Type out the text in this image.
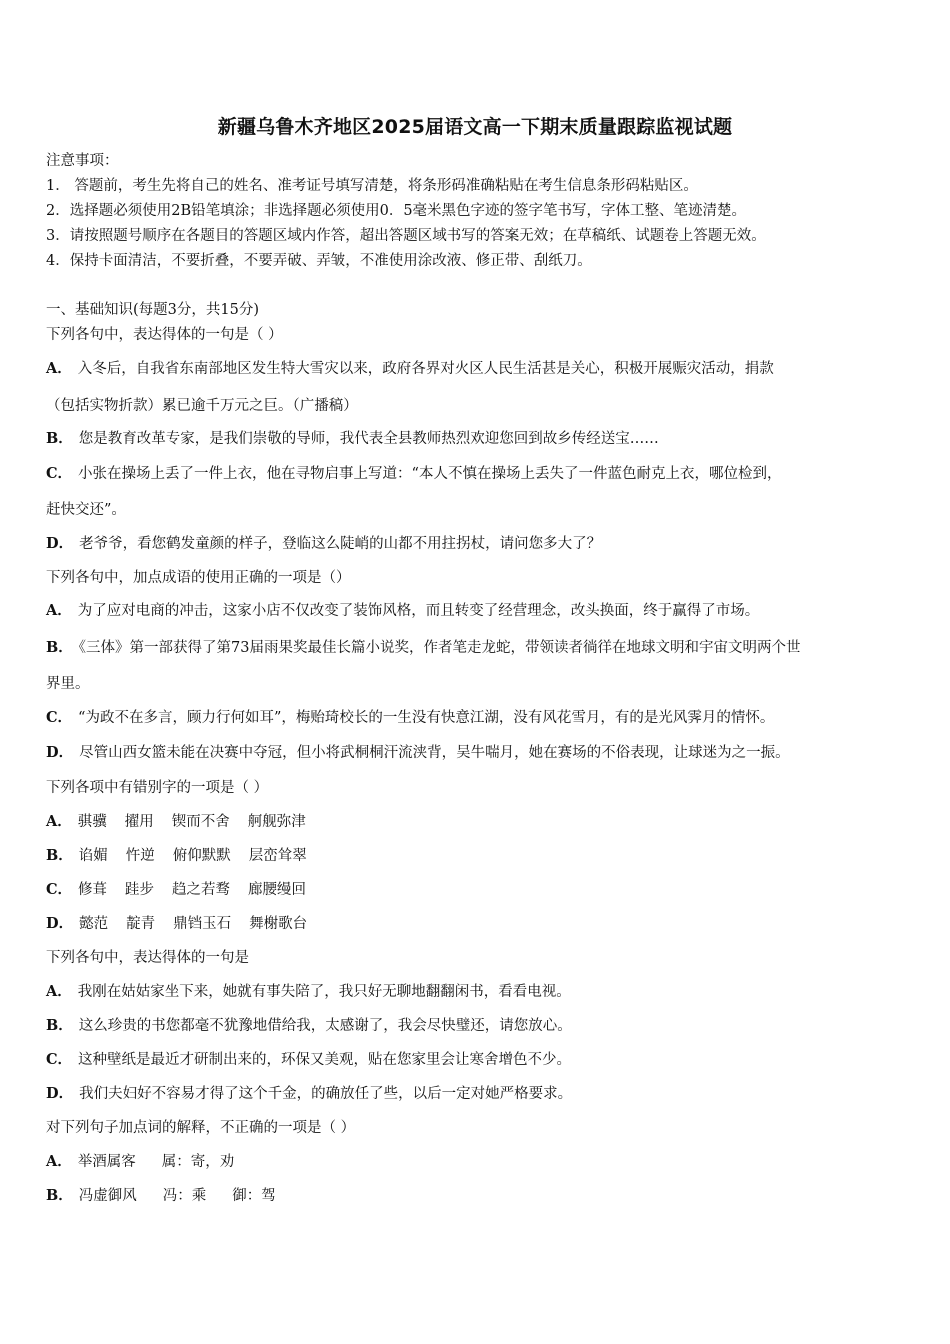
新疆乌鲁木齐地区2025届语文高一下期末质量跟踪监视试题
注意事项：
1． 答题前，考生先将自己的姓名、准考证号填写清楚，将条形码准确粘贴在考生信息条形码粘贴区。
2．选择题必须使用2B铅笔填涂；非选择题必须使用0．5毫米黑色字迹的签字笔书写，字体工整、笔迹清楚。
3．请按照题号顺序在各题目的答题区域内作答，超出答题区域书写的答案无效；在草稿纸、试题卷上答题无效。
4．保持卡面清洁，不要折叠，不要弄破、弄皱，不准使用涂改液、修正带、刮纸刀。
一、基础知识(每题3分，共15分)
下列各句中，表达得体的一句是（ ）
A． 入冬后，自我省东南部地区发生特大雪灾以来，政府各界对火区人民生活甚是关心，积极开展赈灾活动，捐款
（包括实物折款）累已逾千万元之巨。（广播稿）
B． 您是教育改革专家，是我们崇敬的导师，我代表全县教师热烈欢迎您回到故乡传经送宝……
C． 小张在操场上丢了一件上衣，他在寻物启事上写道：“本人不慎在操场上丢失了一件蓝色耐克上衣，哪位检到，
赶快交还”。
D． 老爷爷，看您鹤发童颜的样子，登临这么陡峭的山都不用拄拐杖，请问您多大了？
下列各句中，加点成语的使用正确的一项是（）
A． 为了应对电商的冲击，这家小店不仅改变了装饰风格，而且转变了经营理念，改头换面，终于赢得了市场。
B． 《三体》第一部获得了第73届雨果奖最佳长篇小说奖，作者笔走龙蛇，带领读者徜徉在地球文明和宇宙文明两个世
界里。
C． “为政不在多言，顾力行何如耳”，梅贻琦校长的一生没有快意江湖，没有风花雪月，有的是光风霁月的情怀。
D． 尽管山西女篮未能在决赛中夺冠，但小将武桐桐汗流浃背，吴牛喘月，她在赛场的不俗表现，让球迷为之一振。
下列各项中有错别字的一项是（ ）
A． 骐骥 擢用 锲而不舍 舸舰弥津
B． 谄媚 忤逆 俯仰默默 层峦耸翠
C． 修葺 跬步 趋之若骛 廊腰缦回
D． 懿范 靛青 鼎铛玉石 舞榭歌台
下列各句中，表达得体的一句是
A． 我刚在姑姑家坐下来，她就有事失陪了，我只好无聊地翻翻闲书，看看电视。
B． 这么珍贵的书您都毫不犹豫地借给我，太感谢了，我会尽快璧还，请您放心。
C． 这种壁纸是最近才研制出来的，环保又美观，贴在您家里会让寒舍增色不少。
D． 我们夫妇好不容易才得了这个千金，的确放任了些，以后一定对她严格要求。
对下列句子加点词的解释，不正确的一项是（ ）
A． 举酒属客 属：寄，劝
B． 冯虚御风 冯：乘 御：驾
